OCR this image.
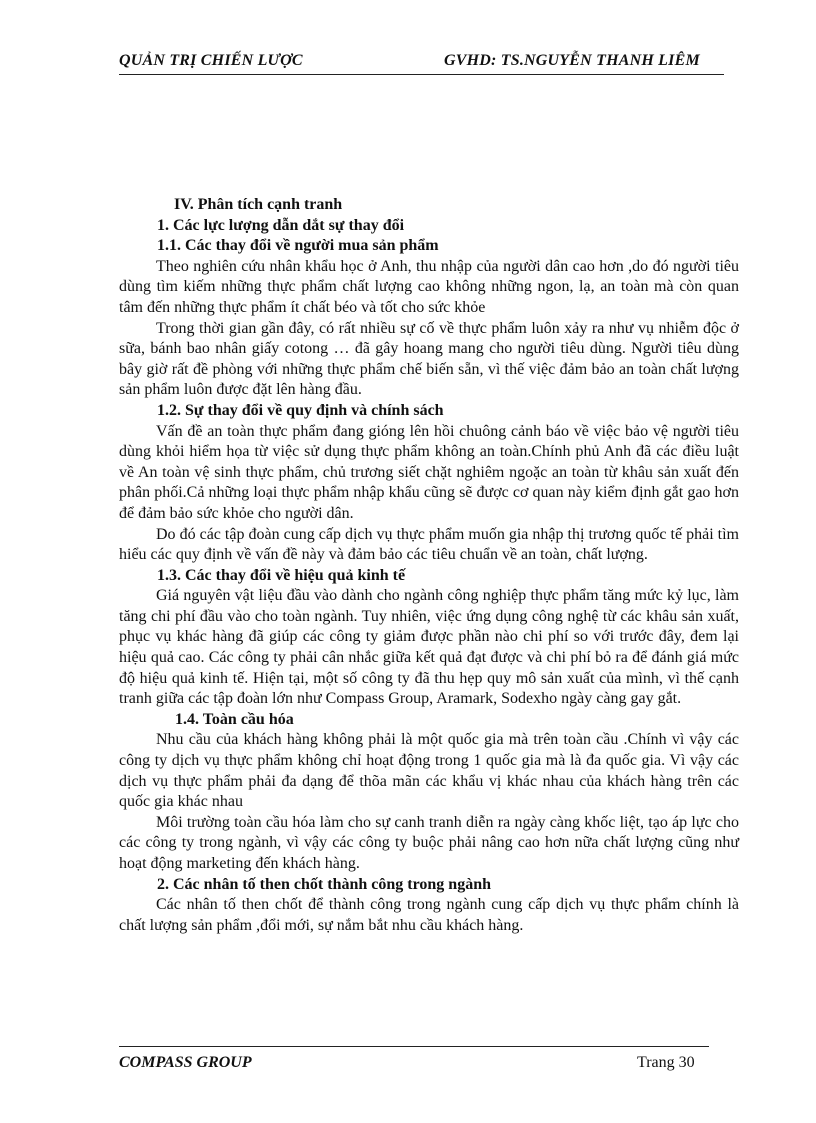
QUẢN TRỊ CHIẾN LƯỢC	GVHD: TS.NGUYỄN THANH LIÊM

IV. Phân tích cạnh tranh

1. Các lực lượng dẫn dắt sự thay đổi

1.1. Các thay đổi về người mua sản phẩm

Theo nghiên cứu nhân khẩu học ở Anh, thu nhập của người dân cao hơn ,do đó người tiêu dùng tìm kiếm những thực phẩm chất lượng cao không những ngon, lạ, an toàn mà còn quan tâm đến những thực phẩm ít chất béo và tốt cho sức khỏe

Trong thời gian gần đây, có rất nhiều sự cố về thực phẩm luôn xảy ra như vụ nhiễm độc ở sữa, bánh bao nhân giấy cotong … đã gây hoang mang cho người tiêu dùng. Người tiêu dùng bây giờ rất đề phòng với những thực phẩm chế biến sẵn, vì thế việc đảm bảo an toàn chất lượng sản phẩm luôn được đặt lên hàng đầu.

1.2. Sự thay đổi về quy định và chính sách

Vấn đề an toàn thực phẩm đang gióng lên hồi chuông cảnh báo về việc bảo vệ người tiêu dùng khỏi hiểm họa từ việc sử dụng thực phẩm không an toàn.Chính phủ Anh đã các điều luật về An toàn vệ sinh thực phẩm, chủ trương siết chặt nghiêm ngoặc an toàn từ khâu sản xuất đến phân phối.Cả những loại thực phẩm nhập khẩu cũng sẽ được cơ quan này kiểm định gắt gao hơn để đảm bảo sức khỏe cho người dân.

Do đó các tập đoàn cung cấp dịch vụ thực phẩm muốn gia nhập thị trương quốc tế phải tìm hiểu các quy định về vấn đề này và đảm bảo các tiêu chuẩn về an toàn, chất lượng.

1.3. Các thay đổi về hiệu quả kinh tế

Giá nguyên vật liệu đầu vào dành cho ngành công nghiệp thực phẩm tăng mức kỷ lục, làm tăng chi phí đầu vào cho toàn ngành. Tuy nhiên, việc ứng dụng công nghệ từ các khâu sản xuất, phục vụ khác hàng đã giúp các công ty giảm được phần nào chi phí so với trước đây, đem lại hiệu quả cao. Các công ty phải cân nhắc giữa kết quả đạt được và chi phí bỏ ra để đánh giá mức độ hiệu quả kinh tế. Hiện tại, một số công ty đã thu hẹp quy mô sản xuất của mình, vì thế cạnh tranh giữa các tập đoàn lớn như Compass Group, Aramark, Sodexho ngày càng gay gắt.

1.4. Toàn cầu hóa

Nhu cầu của khách hàng không phải là một quốc gia mà trên toàn cầu .Chính vì vậy các công ty dịch vụ thực phẩm không chỉ hoạt động trong 1 quốc gia mà là đa quốc gia. Vì vậy các dịch vụ thực phẩm phải đa dạng để thõa mãn các khẩu vị khác nhau của khách hàng trên các quốc gia khác nhau

Môi trường toàn cầu hóa làm cho sự canh tranh diễn ra ngày càng khốc liệt, tạo áp lực cho các công ty trong ngành, vì vậy các công ty buộc phải nâng cao hơn nữa chất lượng cũng như hoạt động marketing đến khách hàng.

2. Các nhân tố then chốt thành công trong ngành

Các nhân tố then chốt để thành công trong ngành cung cấp dịch vụ thực phẩm chính là chất lượng sản phẩm ,đổi mới, sự nắm bắt nhu cầu khách hàng.

COMPASS GROUP	Trang 30
